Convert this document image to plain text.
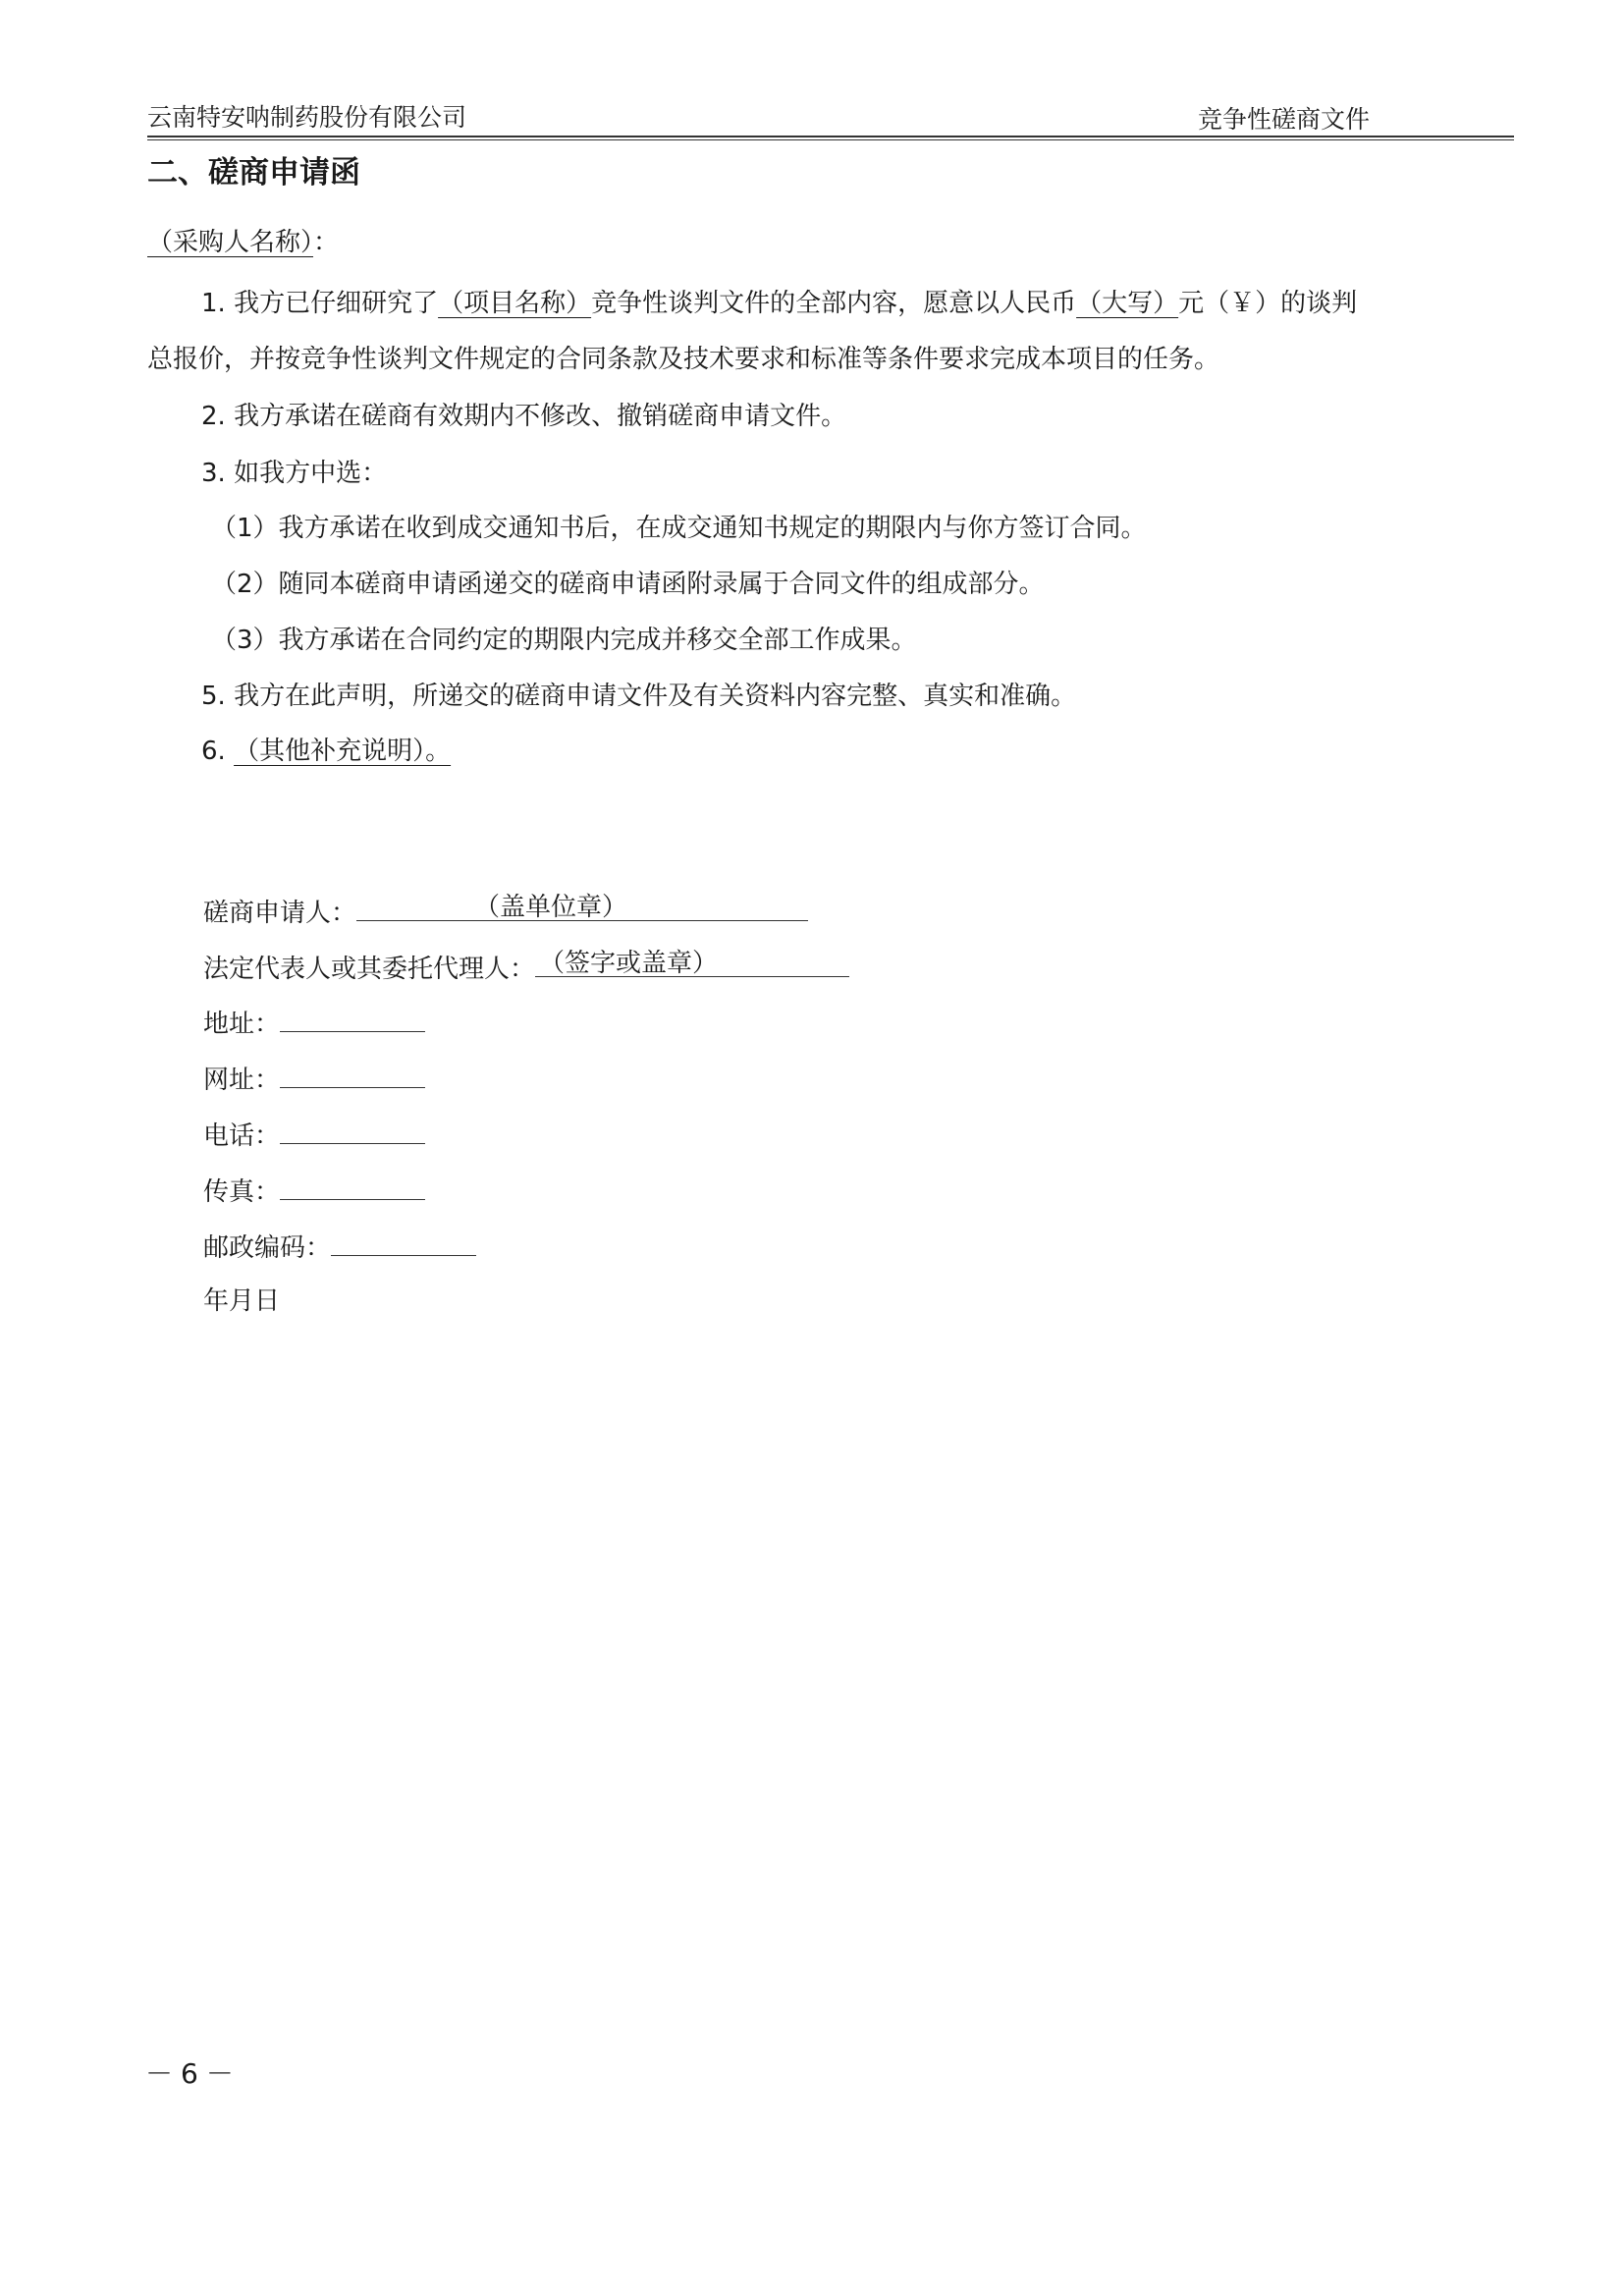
云南特安呐制药股份有限公司	竞争性磋商文件
二、磋商申请函
（采购人名称）：
1. 我方已仔细研究了（项目名称）竞争性谈判文件的全部内容，愿意以人民币（大写）元（￥）的谈判
总报价，并按竞争性谈判文件规定的合同条款及技术要求和标准等条件要求完成本项目的任务。
2. 我方承诺在磋商有效期内不修改、撤销磋商申请文件。
3. 如我方中选：
（1）我方承诺在收到成交通知书后，在成交通知书规定的期限内与你方签订合同。
（2）随同本磋商申请函递交的磋商申请函附录属于合同文件的组成部分。
（3）我方承诺在合同约定的期限内完成并移交全部工作成果。
5. 我方在此声明，所递交的磋商申请文件及有关资料内容完整、真实和准确。
6. （其他补充说明）。
磋商申请人：	（盖单位章）
法定代表人或其委托代理人： （签字或盖章）
地址：
网址：
电话：
传真：
邮政编码：
年月日
－6－
